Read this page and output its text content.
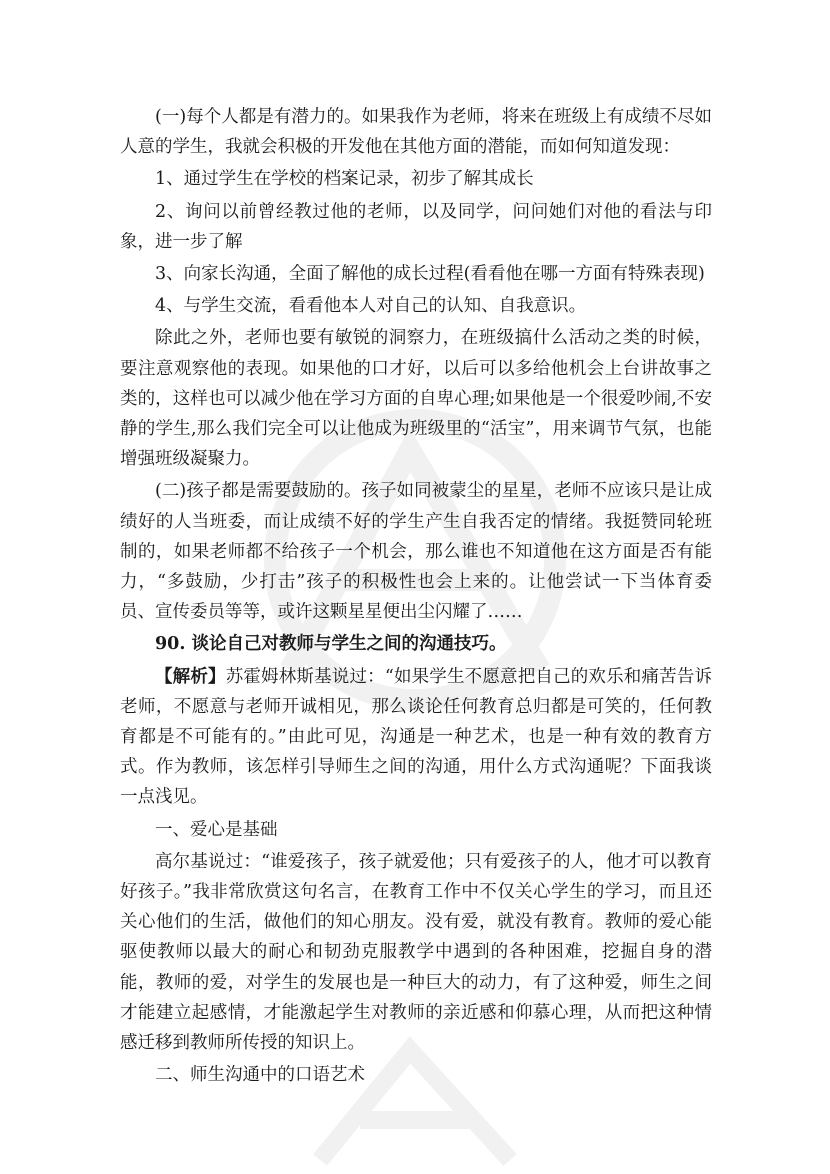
(一)每个人都是有潜力的。如果我作为老师，将来在班级上有成绩不尽如人意的学生，我就会积极的开发他在其他方面的潜能，而如何知道发现：

1、通过学生在学校的档案记录，初步了解其成长

2、询问以前曾经教过他的老师，以及同学，问问她们对他的看法与印象，进一步了解

3、向家长沟通，全面了解他的成长过程(看看他在哪一方面有特殊表现)

4、与学生交流，看看他本人对自己的认知、自我意识。

除此之外，老师也要有敏锐的洞察力，在班级搞什么活动之类的时候，要注意观察他的表现。如果他的口才好，以后可以多给他机会上台讲故事之类的，这样也可以减少他在学习方面的自卑心理;如果他是一个很爱吵闹,不安静的学生,那么我们完全可以让他成为班级里的“活宝”，用来调节气氛，也能增强班级凝聚力。

(二)孩子都是需要鼓励的。孩子如同被蒙尘的星星，老师不应该只是让成绩好的人当班委，而让成绩不好的学生产生自我否定的情绪。我挺赞同轮班制的，如果老师都不给孩子一个机会，那么谁也不知道他在这方面是否有能力，“多鼓励，少打击”孩子的积极性也会上来的。让他尝试一下当体育委员、宣传委员等等，或许这颗星星便出尘闪耀了……

90. 谈论自己对教师与学生之间的沟通技巧。

【解析】苏霍姆林斯基说过：“如果学生不愿意把自己的欢乐和痛苦告诉老师，不愿意与老师开诚相见，那么谈论任何教育总归都是可笑的，任何教育都是不可能有的。”由此可见，沟通是一种艺术，也是一种有效的教育方式。作为教师，该怎样引导师生之间的沟通，用什么方式沟通呢？下面我谈一点浅见。

一、爱心是基础

高尔基说过：“谁爱孩子，孩子就爱他；只有爱孩子的人，他才可以教育好孩子。”我非常欣赏这句名言，在教育工作中不仅关心学生的学习，而且还关心他们的生活，做他们的知心朋友。没有爱，就没有教育。教师的爱心能驱使教师以最大的耐心和韧劲克服教学中遇到的各种困难，挖掘自身的潜能，教师的爱，对学生的发展也是一种巨大的动力，有了这种爱，师生之间才能建立起感情，才能激起学生对教师的亲近感和仰慕心理，从而把这种情感迁移到教师所传授的知识上。

二、师生沟通中的口语艺术
